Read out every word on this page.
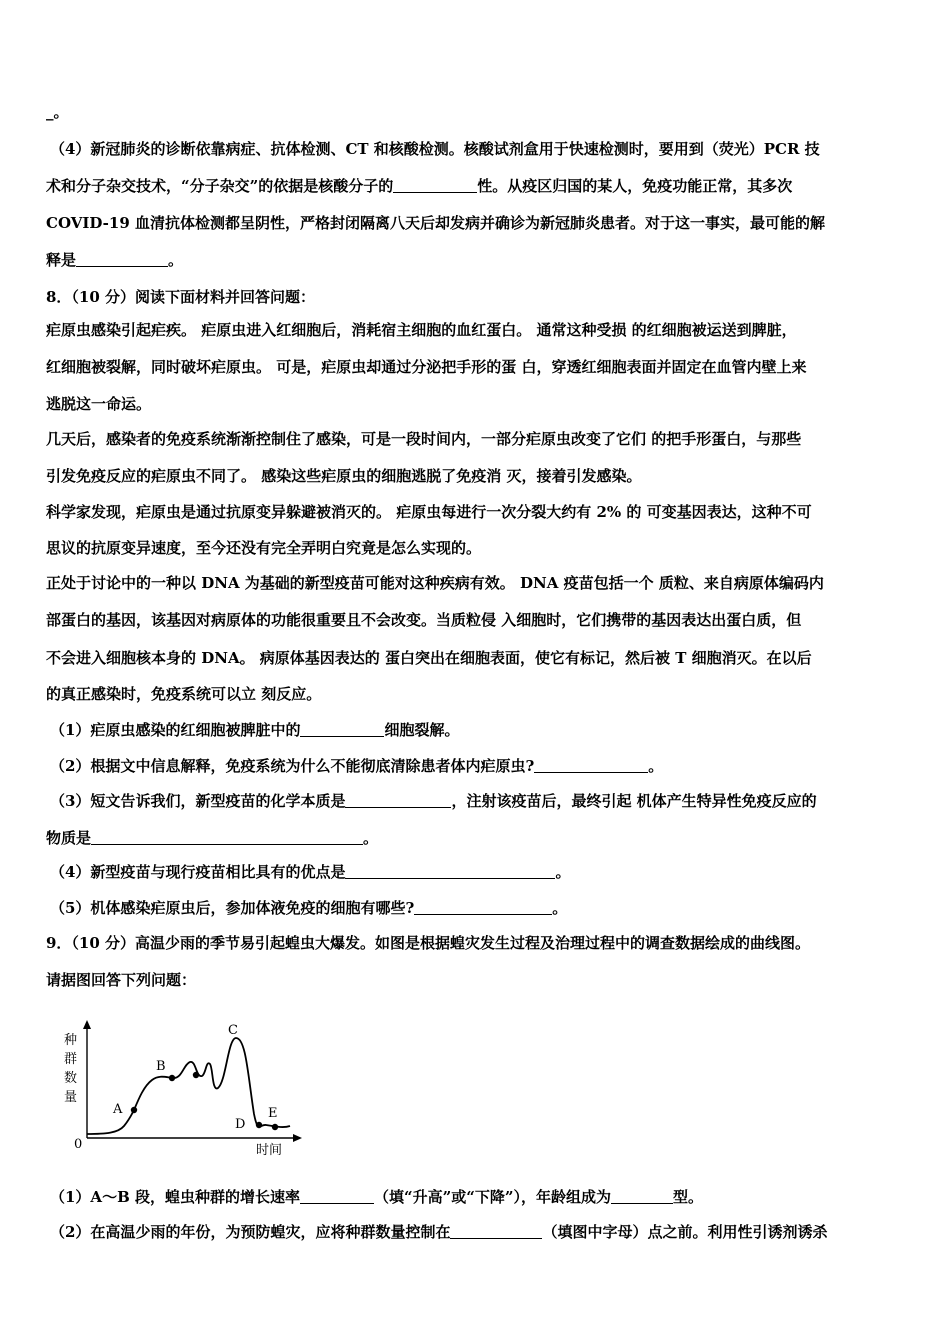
_。
（4）新冠肺炎的诊断依靠病症、抗体检测、CT 和核酸检测。核酸试剂盒用于快速检测时，要用到（荧光）PCR 技
术和分子杂交技术，“分子杂交”的依据是核酸分子的	性。从疫区归国的某人，免疫功能正常，其多次
COVID-19 血清抗体检测都呈阴性，严格封闭隔离八天后却发病并确诊为新冠肺炎患者。对于这一事实，最可能的解
释是	。
8．（10 分）阅读下面材料并回答问题：
疟原虫感染引起疟疾。 疟原虫进入红细胞后，消耗宿主细胞的血红蛋白。 通常这种受损 的红细胞被运送到脾脏，
红细胞被裂解，同时破坏疟原虫。 可是，疟原虫却通过分泌把手形的蛋 白，穿透红细胞表面并固定在血管内壁上来
逃脱这一命运。
几天后，感染者的免疫系统渐渐控制住了感染，可是一段时间内，一部分疟原虫改变了它们 的把手形蛋白，与那些
引发免疫反应的疟原虫不同了。 感染这些疟原虫的细胞逃脱了免疫消 灭，接着引发感染。
科学家发现，疟原虫是通过抗原变异躲避被消灭的。 疟原虫每进行一次分裂大约有 2% 的 可变基因表达，这种不可
思议的抗原变异速度，至今还没有完全弄明白究竟是怎么实现的。
正处于讨论中的一种以 DNA 为基础的新型疫苗可能对这种疾病有效。 DNA 疫苗包括一个 质粒、来自病原体编码内
部蛋白的基因，该基因对病原体的功能很重要且不会改变。当质粒侵 入细胞时，它们携带的基因表达出蛋白质，但
不会进入细胞核本身的 DNA。 病原体基因表达的 蛋白突出在细胞表面，使它有标记，然后被 T 细胞消灭。在以后
的真正感染时，免疫系统可以立 刻反应。
（1）疟原虫感染的红细胞被脾脏中的	细胞裂解。
（2）根据文中信息解释，免疫系统为什么不能彻底清除患者体内疟原虫?	。
（3）短文告诉我们，新型疫苗的化学本质是	，注射该疫苗后，最终引起 机体产生特异性免疫反应的
物质是	。
（4）新型疫苗与现行疫苗相比具有的优点是	。
（5）机体感染疟原虫后，参加体液免疫的细胞有哪些?	。
9．（10 分）高温少雨的季节易引起蝗虫大爆发。如图是根据蝗灾发生过程及治理过程中的调查数据绘成的曲线图。
请据图回答下列问题：
种
群
数
量
0	时间
A
B
C
D
E
（1）A～B 段，蝗虫种群的增长速率	（填“升高”或“下降”），年龄组成为	型。
（2）在高温少雨的年份，为预防蝗灾，应将种群数量控制在	（填图中字母）点之前。利用性引诱剂诱杀
